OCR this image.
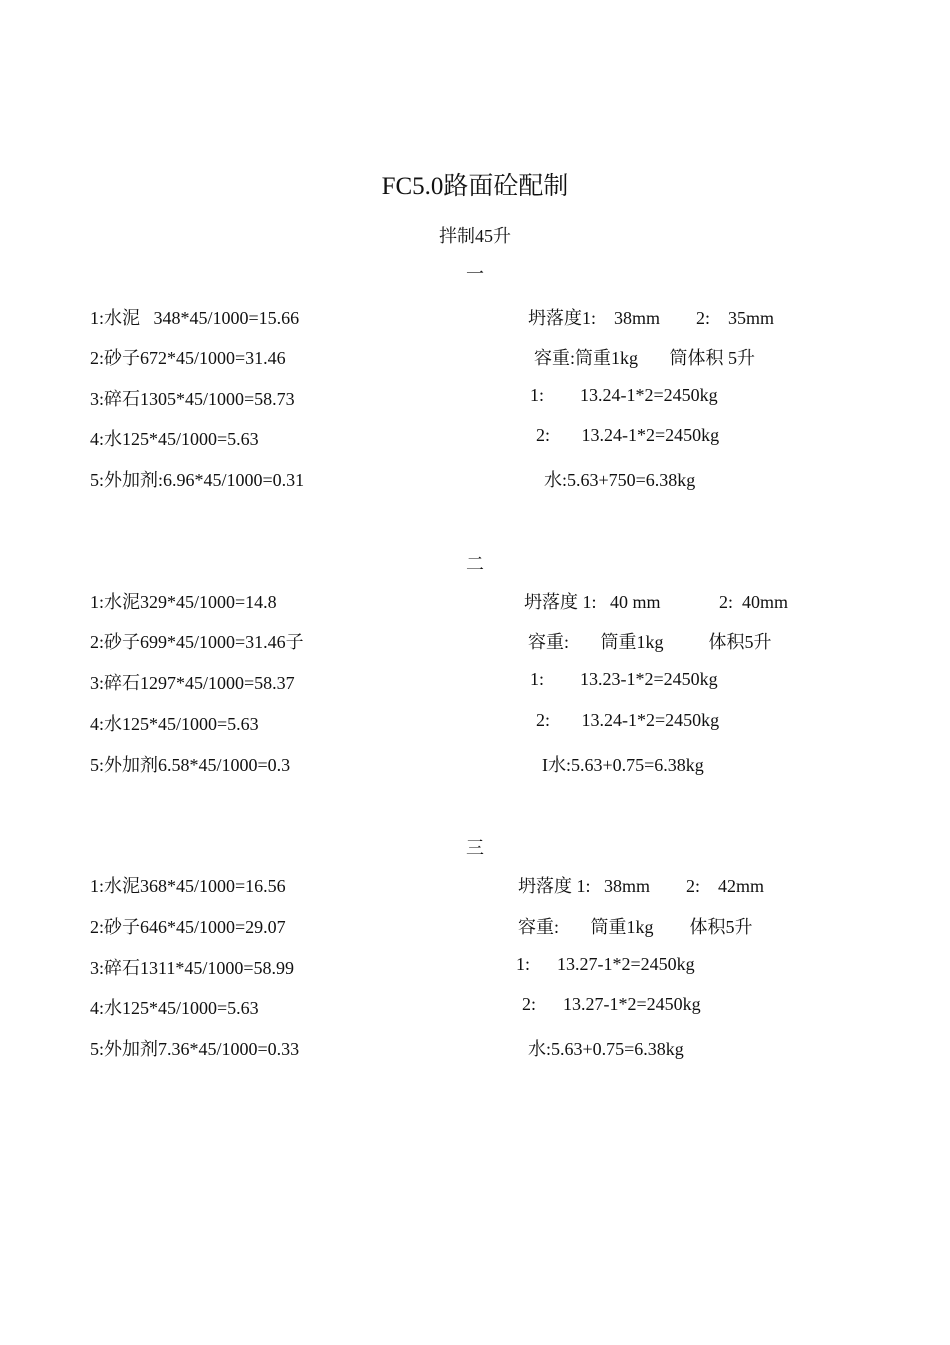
FC5.0路面砼配制
拌制45升
一
1:水泥   348*45/1000=15.66
2:砂子672*45/1000=31.46
3:碎石1305*45/1000=58.73
4:水125*45/1000=5.63
5:外加剂:6.96*45/1000=0.31
坍落度1:    38mm        2:    35mm
容重:筒重1kg       筒体积 5升
1:        13.24-1*2=2450kg
2:       13.24-1*2=2450kg
水:5.63+750=6.38kg
二
1:水泥329*45/1000=14.8
2:砂子699*45/1000=31.46子
3:碎石1297*45/1000=58.37
4:水125*45/1000=5.63
5:外加剂6.58*45/1000=0.3
坍落度 1:   40 mm             2:  40mm
容重:       筒重1kg          体积5升
1:        13.23-1*2=2450kg
2:       13.24-1*2=2450kg
I水:5.63+0.75=6.38kg
三
1:水泥368*45/1000=16.56
2:砂子646*45/1000=29.07
3:碎石1311*45/1000=58.99
4:水125*45/1000=5.63
5:外加剂7.36*45/1000=0.33
坍落度 1:   38mm        2:    42mm
容重:       筒重1kg        体积5升
1:      13.27-1*2=2450kg
2:      13.27-1*2=2450kg
水:5.63+0.75=6.38kg
